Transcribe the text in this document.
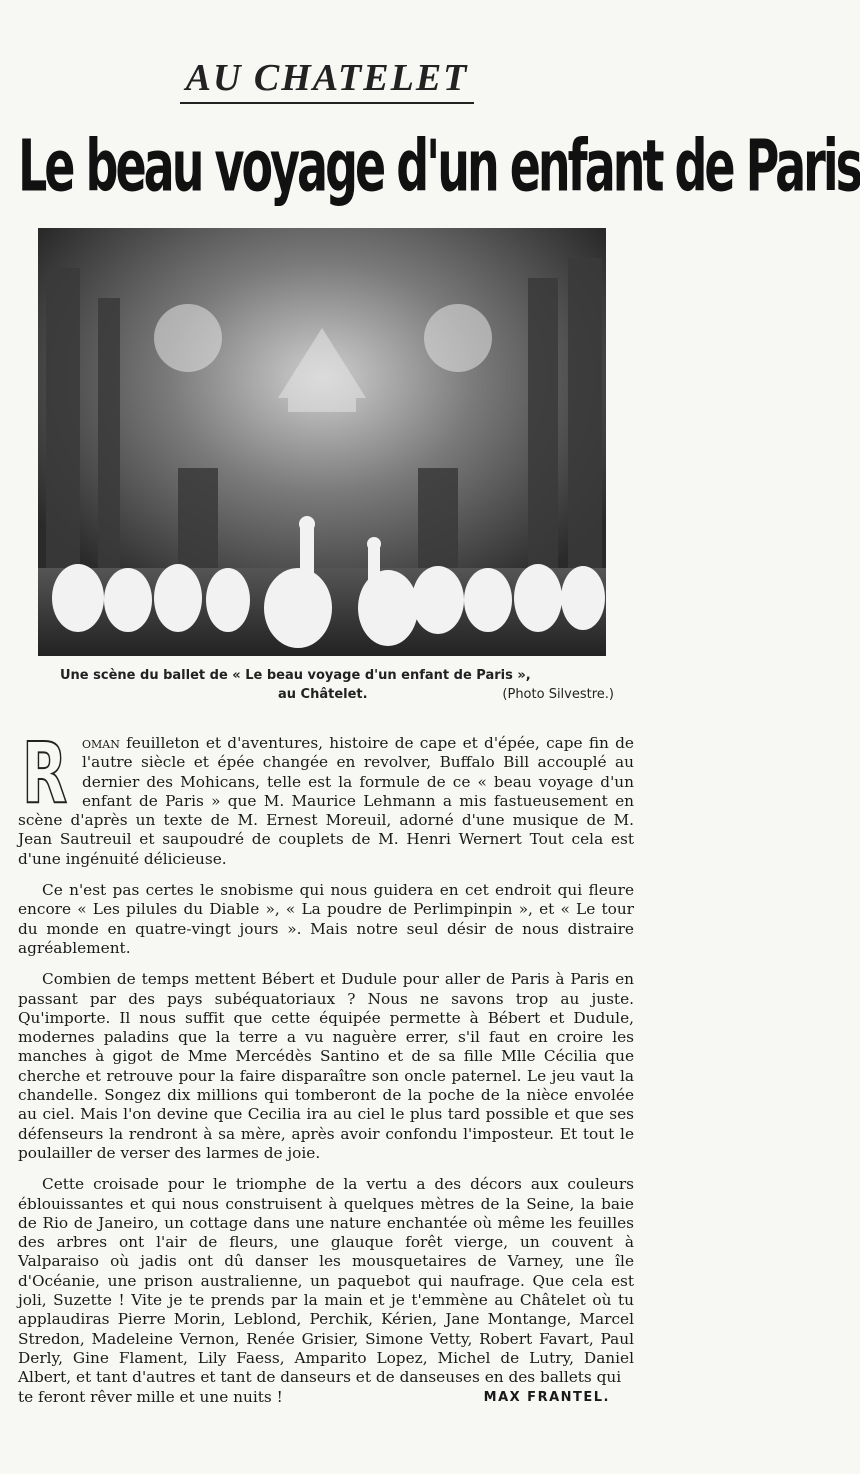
AU CHATELET
Le beau voyage d'un enfant de Paris
Une scène du ballet de « Le beau voyage d'un enfant de Paris »,
au Châtelet.	(Photo Silvestre.)

Roman feuilleton et d'aventures, histoire de cape et d'épée, cape fin de l'autre siècle et épée changée en revolver, Buffalo Bill accouplé au dernier des Mohicans, telle est la formule de ce « beau voyage d'un enfant de Paris » que M. Maurice Lehmann a mis fastueusement en scène d'après un texte de M. Ernest Moreuil, adorné d'une musique de M. Jean Sautreuil et saupoudré de couplets de M. Henri Wernert Tout cela est d'une ingénuité délicieuse.

Ce n'est pas certes le snobisme qui nous guidera en cet endroit qui fleure encore « Les pilules du Diable », « La poudre de Perlimpinpin », et « Le tour du monde en quatre-vingt jours ». Mais notre seul désir de nous distraire agréablement.

Combien de temps mettent Bébert et Dudule pour aller de Paris à Paris en passant par des pays subéquatoriaux ? Nous ne savons trop au juste. Qu'importe. Il nous suffit que cette équipée permette à Bébert et Dudule, modernes paladins que la terre a vu naguère errer, s'il faut en croire les manches à gigot de Mme Mercédès Santino et de sa fille Mlle Cécilia que cherche et retrouve pour la faire disparaître son oncle paternel. Le jeu vaut la chandelle. Songez dix millions qui tomberont de la poche de la nièce envolée au ciel. Mais l'on devine que Cecilia ira au ciel le plus tard possible et que ses défenseurs la rendront à sa mère, après avoir confondu l'imposteur. Et tout le poulailler de verser des larmes de joie.

Cette croisade pour le triomphe de la vertu a des décors aux couleurs éblouissantes et qui nous construisent à quelques mètres de la Seine, la baie de Rio de Janeiro, un cottage dans une nature enchantée où même les feuilles des arbres ont l'air de fleurs, une glauque forêt vierge, un couvent à Valparaiso où jadis ont dû danser les mousquetaires de Varney, une île d'Océanie, une prison australienne, un paquebot qui naufrage. Que cela est joli, Suzette ! Vite je te prends par la main et je t'emmène au Châtelet où tu applaudiras Pierre Morin, Leblond, Perchik, Kérien, Jane Montange, Marcel Stredon, Madeleine Vernon, Renée Grisier, Simone Vetty, Robert Favart, Paul Derly, Gine Flament, Lily Faess, Amparito Lopez, Michel de Lutry, Daniel Albert, et tant d'autres et tant de danseurs et de danseuses en des ballets qui

te feront rêver mille et une nuits !	MAX FRANTEL.
